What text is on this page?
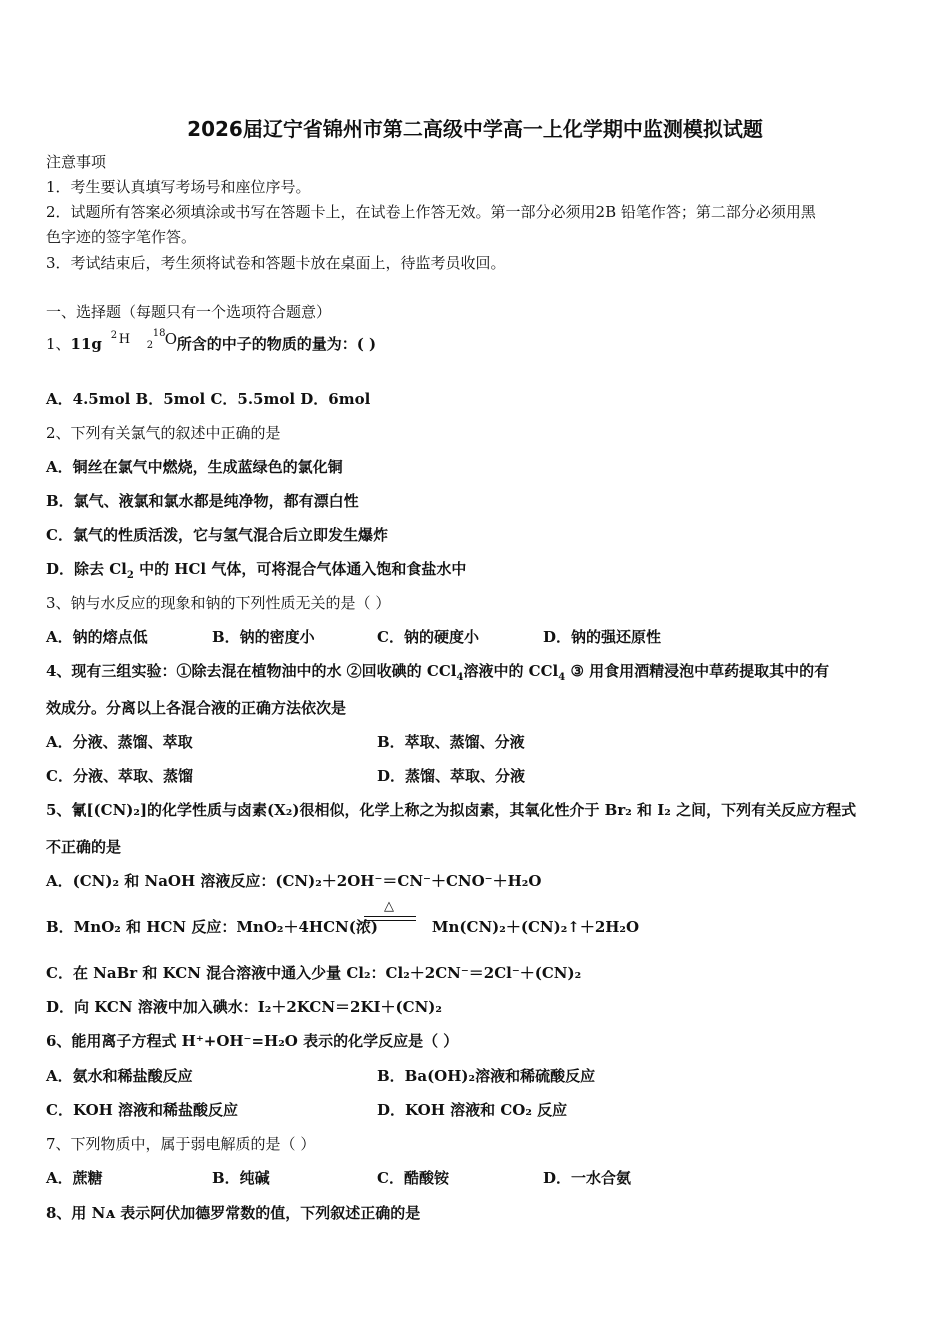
2026届辽宁省锦州市第二高级中学高一上化学期中监测模拟试题
注意事项
1．考生要认真填写考场号和座位序号。
2．试题所有答案必须填涂或书写在答题卡上，在试卷上作答无效。第一部分必须用2B 铅笔作答；第二部分必须用黑
色字迹的签字笔作答。
3．考试结束后，考生须将试卷和答题卡放在桌面上，待监考员收回。
一、选择题（每题只有一个选项符合题意）
1、11g 2 H 2
18 O 所含的中子的物质的量为：( )
A．4.5mol B．5mol C．5.5mol D．6mol
2、下列有关氯气的叙述中正确的是
A．铜丝在氯气中燃烧，生成蓝绿色的氯化铜
B．氯气、液氯和氯水都是纯净物，都有漂白性
C．氯气的性质活泼，它与氢气混合后立即发生爆炸
D．除去 $Cl_2$ 中的 HCl 气体，可将混合气体通入饱和食盐水中
3、钠与水反应的现象和钠的下列性质无关的是（ ）
A．钠的熔点低	B．钠的密度小	C．钠的硬度小	D．钠的强还原性
4、现有三组实验：①除去混在植物油中的水 ②回收碘的 CCl$_4$溶液中的 CCl$_4$ ③ 用食用酒精浸泡中草药提取其中的有
效成分。分离以上各混合液的正确方法依次是
A．分液、蒸馏、萃取	B．萃取、蒸馏、分液
C．分液、萃取、蒸馏	D．蒸馏、萃取、分液
5、氰[(CN)₂]的化学性质与卤素(X₂)很相似，化学上称之为拟卤素，其氧化性介于 Br₂ 和 I₂ 之间，下列有关反应方程式
不正确的是
A．(CN)₂ 和 NaOH 溶液反应：(CN)₂＋2OH⁻＝CN⁻＋CNO⁻＋H₂O
B．MnO₂ 和 HCN 反应：MnO₂＋4HCN(浓)	Mn(CN)₂＋(CN)₂↑＋2H₂O
△
C．在 NaBr 和 KCN 混合溶液中通入少量 Cl₂：Cl₂＋2CN⁻＝2Cl⁻＋(CN)₂
D．向 KCN 溶液中加入碘水：I₂＋2KCN＝2KI＋(CN)₂
6、能用离子方程式 H⁺+OH⁻=H₂O 表示的化学反应是（ ）
A．氨水和稀盐酸反应	B．Ba(OH)₂溶液和稀硫酸反应
C．KOH 溶液和稀盐酸反应	D．KOH 溶液和 CO₂ 反应
7、下列物质中，属于弱电解质的是（ ）
A．蔗糖	B．纯碱	C．酷酸铵	D．一水合氨
8、用 Nᴀ 表示阿伏加德罗常数的值，下列叙述正确的是
